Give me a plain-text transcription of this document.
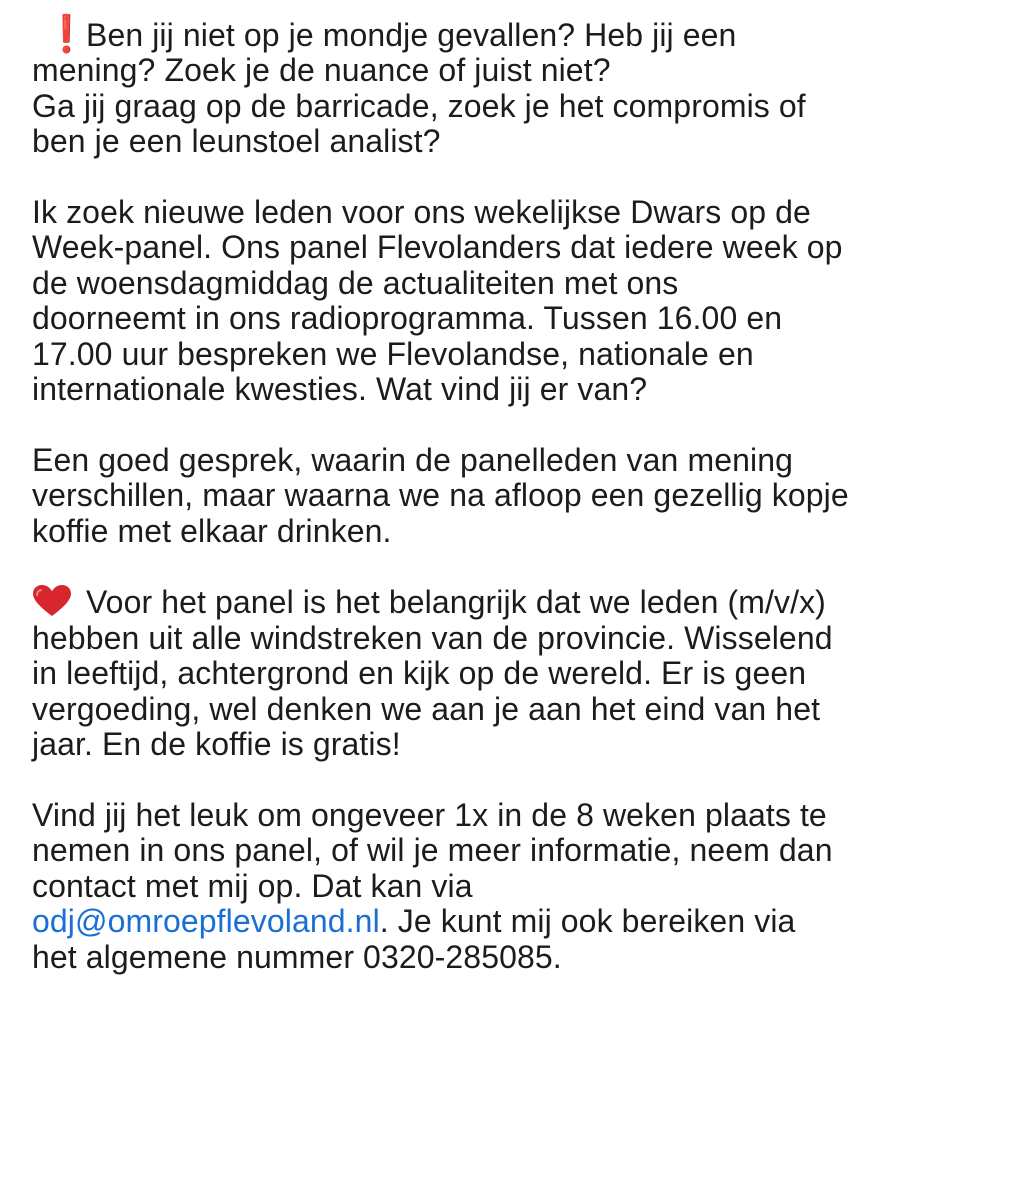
❗Ben jij niet op je mondje gevallen? Heb jij een
mening? Zoek je de nuance of juist niet?
Ga jij graag op de barricade, zoek je het compromis of
ben je een leunstoel analist?
Ik zoek nieuwe leden voor ons wekelijkse Dwars op de
Week-panel. Ons panel Flevolanders dat iedere week op
de woensdagmiddag de actualiteiten met ons
doorneemt in ons radioprogramma. Tussen 16.00 en
17.00 uur bespreken we Flevolandse, nationale en
internationale kwesties. Wat vind jij er van?
Een goed gesprek, waarin de panelleden van mening
verschillen, maar waarna we na afloop een gezellig kopje
koffie met elkaar drinken.
Voor het panel is het belangrijk dat we leden (m/v/x)
hebben uit alle windstreken van de provincie. Wisselend
in leeftijd, achtergrond en kijk op de wereld. Er is geen
vergoeding, wel denken we aan je aan het eind van het
jaar. En de koffie is gratis!
Vind jij het leuk om ongeveer 1x in de 8 weken plaats te
nemen in ons panel, of wil je meer informatie, neem dan
contact met mij op. Dat kan via
odj@omroepflevoland.nl. Je kunt mij ook bereiken via
het algemene nummer 0320-285085.
